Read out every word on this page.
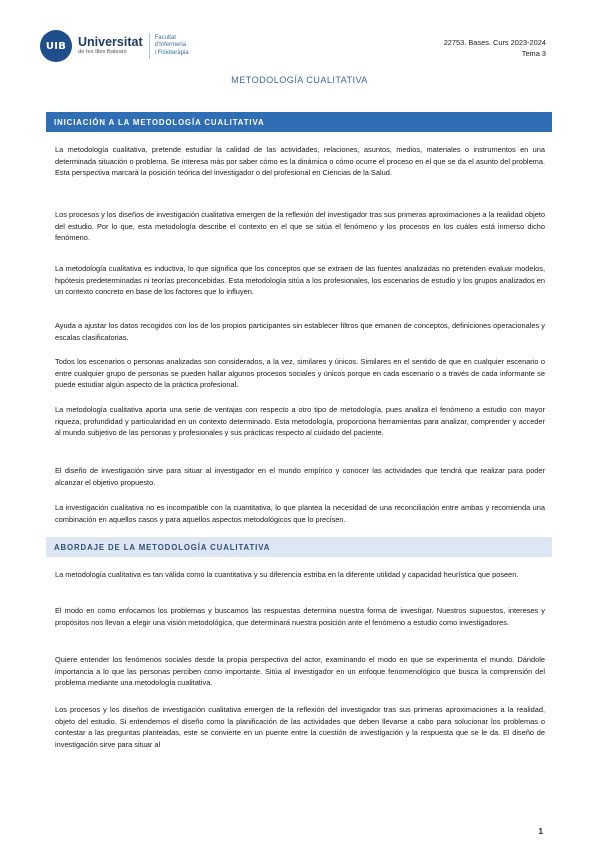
UIB Universitat
de les Illes Balears
Facultat
d'Infermeria
i Fisioteràpia
22753. Bases. Curs 2023-2024
Tema 3
METODOLOGÍA CUALITATIVA
INICIACIÓN A LA METODOLOGÍA CUALITATIVA

La metodología cualitativa, pretende estudiar la calidad de las actividades, relaciones, asuntos, medios, materiales o instrumentos en una determinada situación o problema. Se interesa más por saber cómo es la dinámica o cómo ocurre el proceso en el que se da el asunto del problema. Esta perspectiva marcará la posición teórica del investigador o del profesional en Ciencias de la Salud.

Los procesos y los diseños de investigación cualitativa emergen de la reflexión del investigador tras sus primeras aproximaciones a la realidad objeto del estudio. Por lo que, esta metodología describe el contexto en el que se sitúa el fenómeno y los procesos en los cuáles está inmerso dicho fenómeno.

La metodología cualitativa es inductiva, lo que significa que los conceptos que se extraen de las fuentes analizadas no pretenden evaluar modelos, hipótesis predeterminadas ni teorías preconcebidas. Esta metodología sitúa a los profesionales, los escenarios de estudio y los grupos analizados en un contexto concreto en base de los factores que lo influyen.

Ayuda a ajustar los datos recogidos con los de los propios participantes sin establecer filtros que emanen de conceptos, definiciones operacionales y escalas clasificatorias.

Todos los escenarios o personas analizadas son considerados, a la vez, similares y únicos. Similares en el sentido de que en cualquier escenario o entre cualquier grupo de personas se pueden hallar algunos procesos sociales y únicos porque en cada escenario o a través de cada informante se puede estudiar algún aspecto de la práctica profesional.

La metodología cualitativa aporta una serie de ventajas con respecto a otro tipo de metodología, pues analiza el fenómeno a estudio con mayor riqueza, profundidad y particularidad en un contexto determinado. Esta metodología, proporciona herramientas para analizar, comprender y acceder al mundo subjetivo de las personas y profesionales y sus prácticas respecto al cuidado del paciente.

El diseño de investigación sirve para situar al investigador en el mundo empírico y conocer las actividades que tendrá que realizar para poder alcanzar el objetivo propuesto.

La investigación cualitativa no es incompatible con la cuantitativa, lo que plantea la necesidad de una reconciliación entre ambas y recomienda una combinación en aquellos casos y para aquellos aspectos metodológicos que lo precisen.

ABORDAJE DE LA METODOLOGÍA CUALITATIVA

La metodología cualitativa es tan válida como la cuantitativa y su diferencia estriba en la diferente utilidad y capacidad heurística que poseen.

El modo en como enfocamos los problemas y buscamos las respuestas determina nuestra forma de investigar. Nuestros supuestos, intereses y propósitos nos llevan a elegir una visión metodológica, que determinará nuestra posición ante el fenómeno a estudio como investigadores.

Quiere entender los fenómenos sociales desde la propia perspectiva del actor, examinando el modo en que se experimenta el mundo. Dándole importancia a lo que las personas perciben como importante. Sitúa al investigador en un enfoque fenomenológico que busca la comprensión del problema mediante una metodología cualitativa.

Los procesos y los diseños de investigación cualitativa emergen de la reflexión del investigador tras sus primeras aproximaciones a la realidad, objeto del estudio. Si entendemos el diseño como la planificación de las actividades que deben llevarse a cabo para solucionar los problemas o contestar a las preguntas planteadas, este se convierte en un puente entre la cuestión de investigación y la respuesta que se le da. El diseño de investigación sirve para situar al

1
